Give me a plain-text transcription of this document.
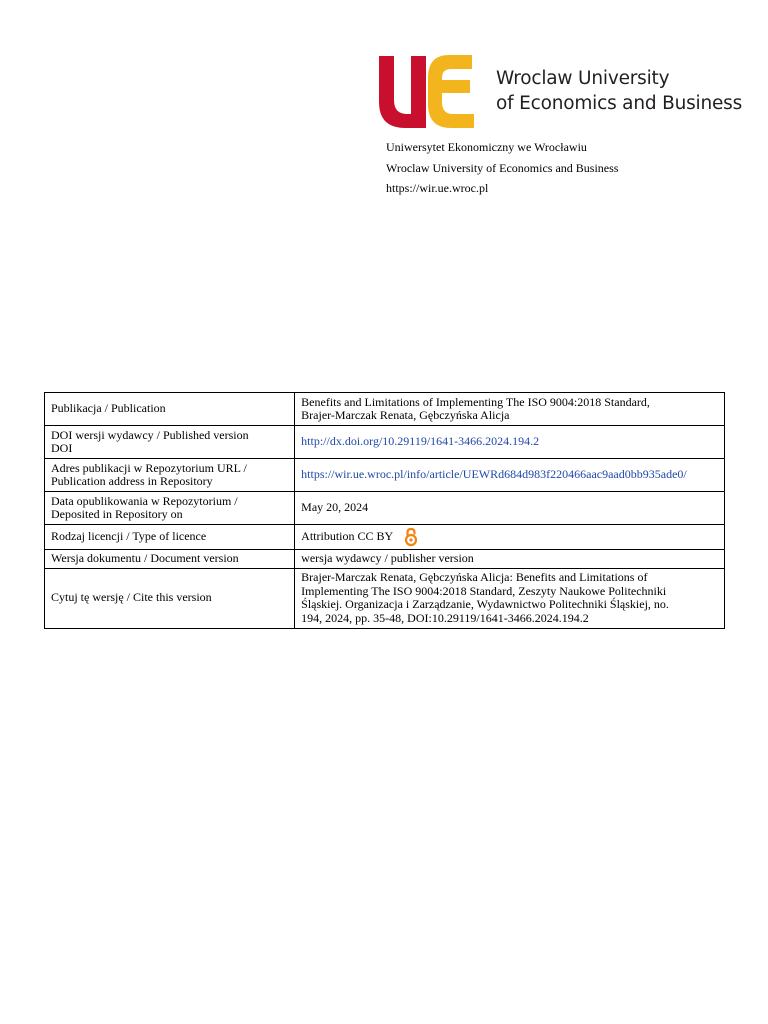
Wroclaw University
of Economics and Business
Uniwersytet Ekonomiczny we Wrocławiu
Wroclaw University of Economics and Business
https://wir.ue.wroc.pl
Publikacja / Publication	Benefits and Limitations of Implementing The ISO 9004:2018 Standard,
Brajer-Marczak Renata, Gębczyńska Alicja

DOI wersji wydawcy / Published version
DOI	http://dx.doi.org/10.29119/1641-3466.2024.194.2

Adres publikacji w Repozytorium URL /
Publication address in Repository	https://wir.ue.wroc.pl/info/article/UEWRd684d983f220466aac9aad0bb935ade0/

Data opublikowania w Repozytorium /
Deposited in Repository on	May 20, 2024
Rodzaj licencji / Type of licence	Attribution CC BY
Wersja dokumentu / Document version	wersja wydawcy / publisher version
Cytuj tę wersję / Cite this version	Brajer-Marczak Renata, Gębczyńska Alicja: Benefits and Limitations of
Implementing The ISO 9004:2018 Standard, Zeszyty Naukowe Politechniki
Śląskiej. Organizacja i Zarządzanie, Wydawnictwo Politechniki Śląskiej, no.
194, 2024, pp. 35-48, DOI:10.29119/1641-3466.2024.194.2
